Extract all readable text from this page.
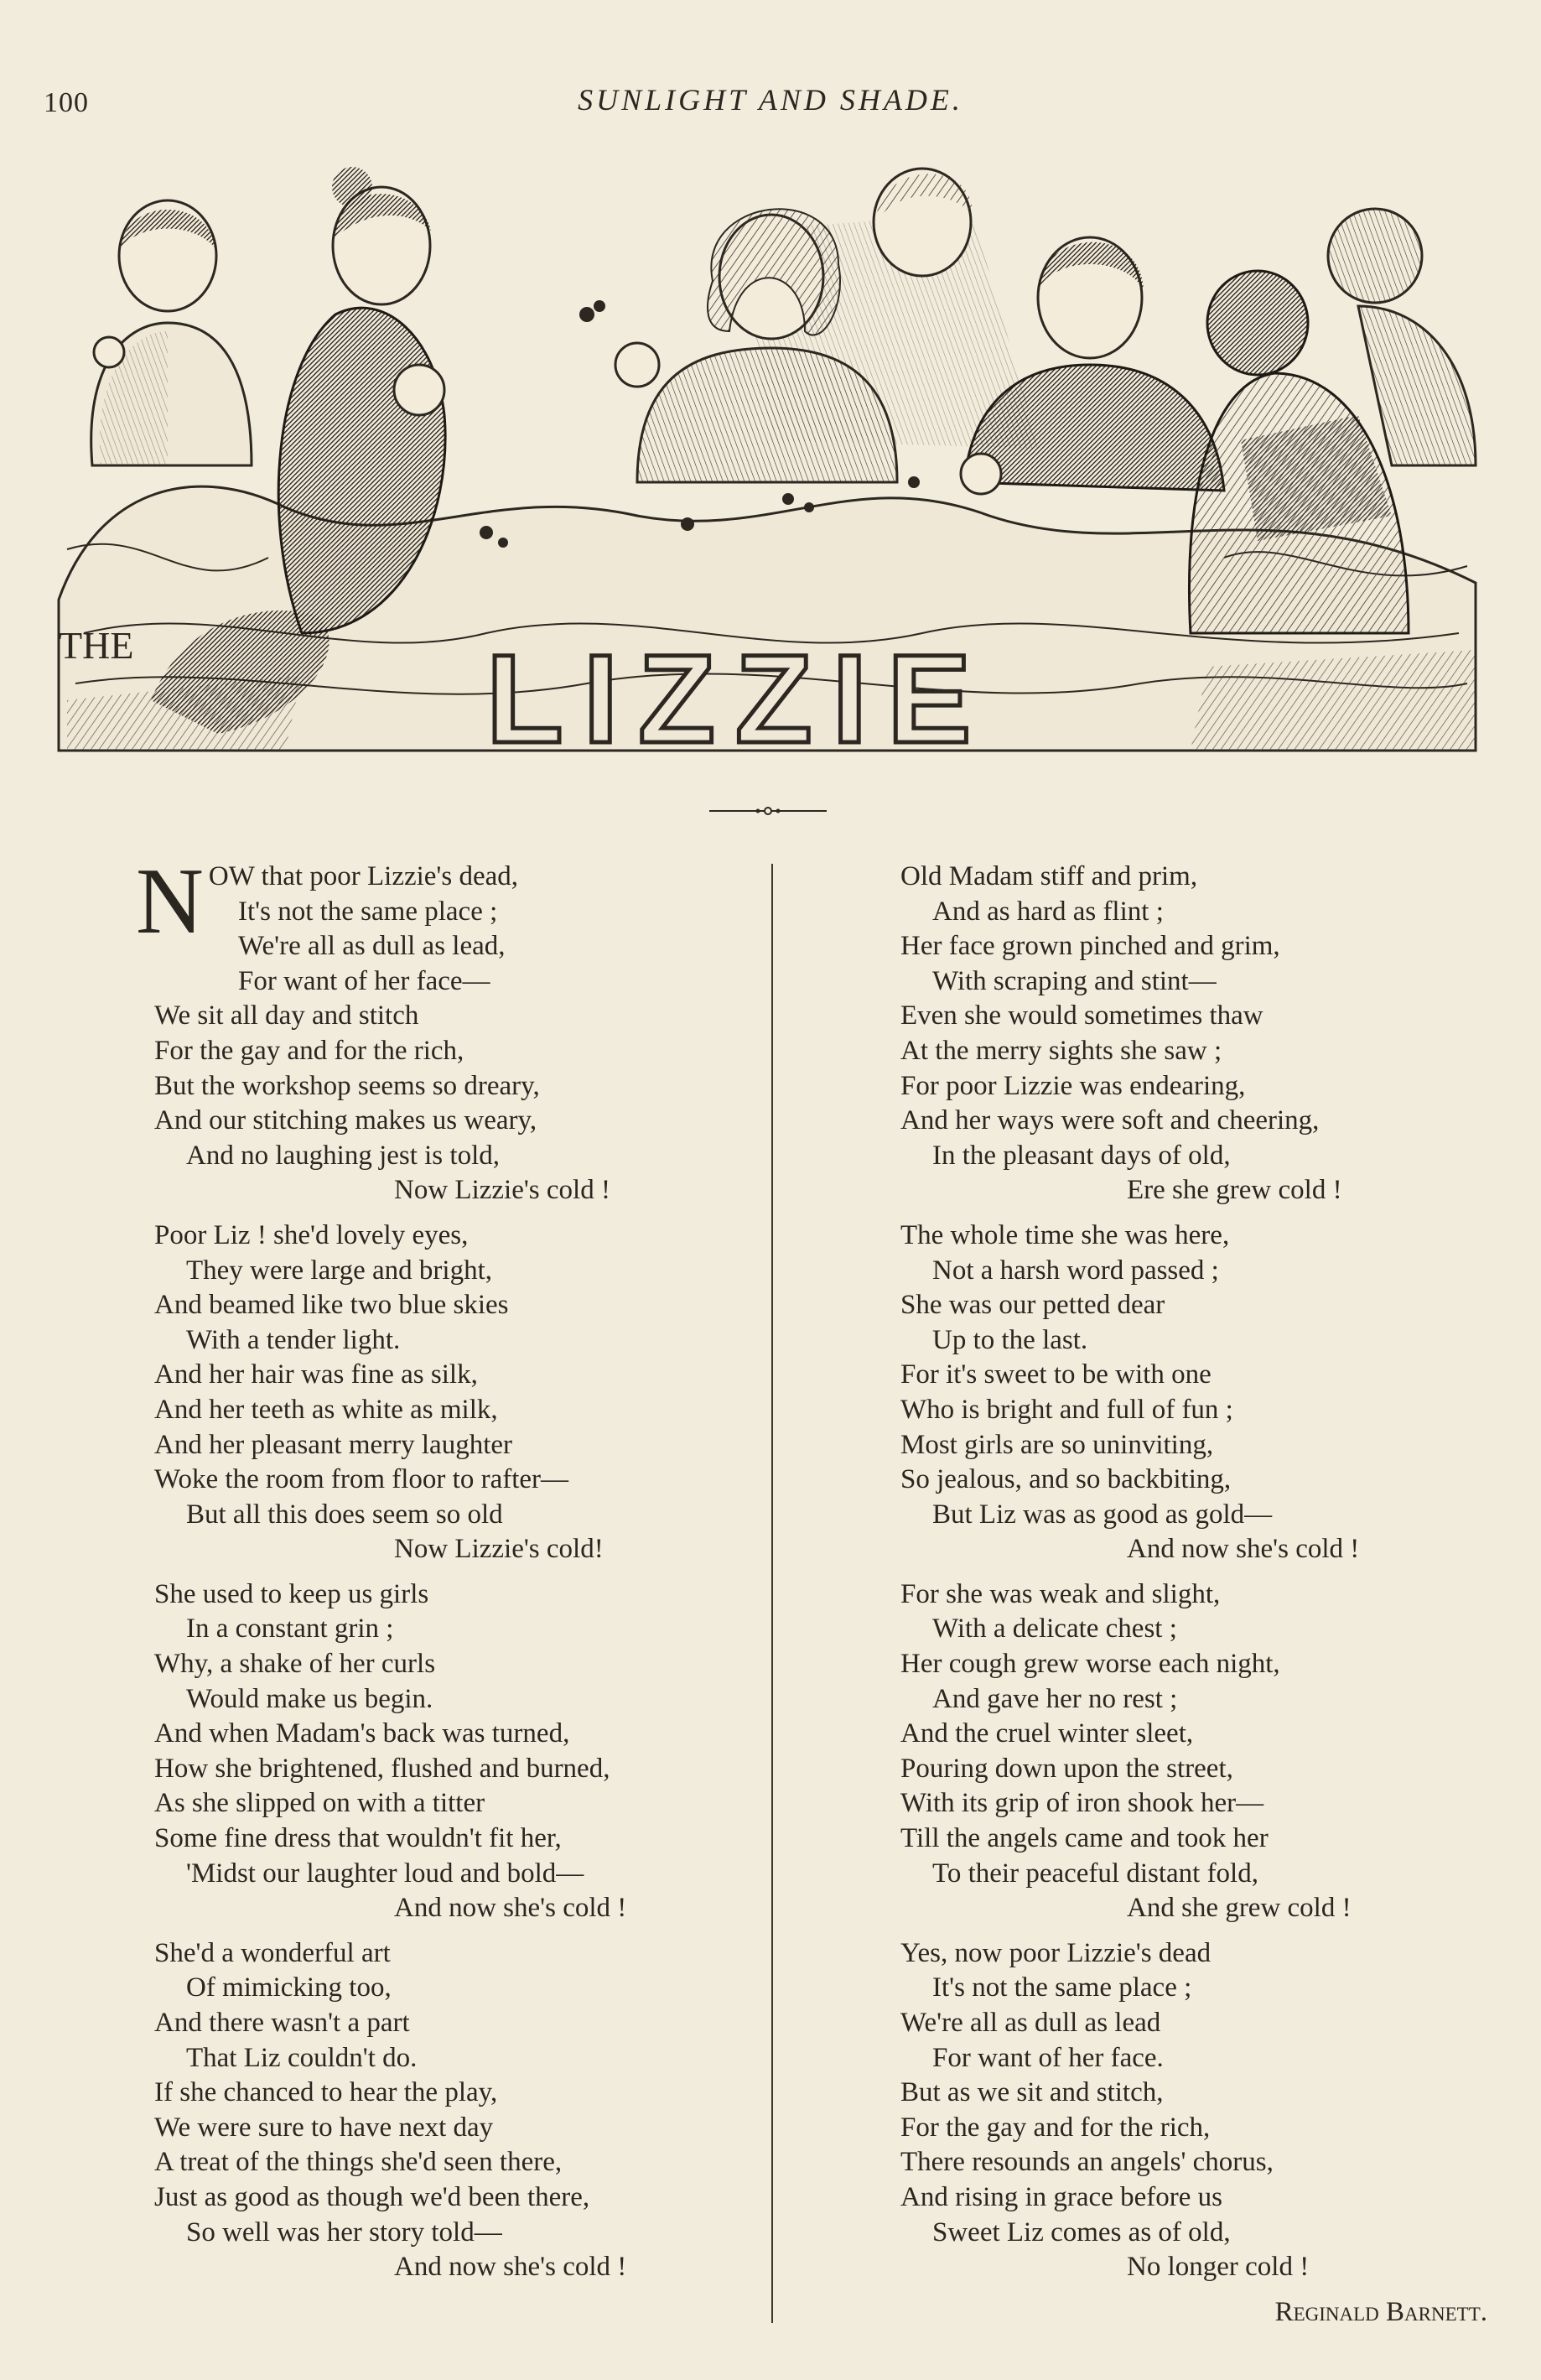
100	SUNLIGHT AND SHADE.
LIZZIE
THE
NOW that poor Lizzie's dead,
It's not the same place ;
We're all as dull as lead,
For want of her face—
We sit all day and stitch
For the gay and for the rich,
But the workshop seems so dreary,
And our stitching makes us weary,
And no laughing jest is told,
Now Lizzie's cold !
Poor Liz ! she'd lovely eyes,
They were large and bright,
And beamed like two blue skies
With a tender light.
And her hair was fine as silk,
And her teeth as white as milk,
And her pleasant merry laughter
Woke the room from floor to rafter—
But all this does seem so old
Now Lizzie's cold!
She used to keep us girls
In a constant grin ;
Why, a shake of her curls
Would make us begin.
And when Madam's back was turned,
How she brightened, flushed and burned,
As she slipped on with a titter
Some fine dress that wouldn't fit her,
'Midst our laughter loud and bold—
And now she's cold !
She'd a wonderful art
Of mimicking too,
And there wasn't a part
That Liz couldn't do.
If she chanced to hear the play,
We were sure to have next day
A treat of the things she'd seen there,
Just as good as though we'd been there,
So well was her story told—
And now she's cold !
Old Madam stiff and prim,
And as hard as flint ;
Her face grown pinched and grim,
With scraping and stint—
Even she would sometimes thaw
At the merry sights she saw ;
For poor Lizzie was endearing,
And her ways were soft and cheering,
In the pleasant days of old,
Ere she grew cold !
The whole time she was here,
Not a harsh word passed ;
She was our petted dear
Up to the last.
For it's sweet to be with one
Who is bright and full of fun ;
Most girls are so uninviting,
So jealous, and so backbiting,
But Liz was as good as gold—
And now she's cold !
For she was weak and slight,
With a delicate chest ;
Her cough grew worse each night,
And gave her no rest ;
And the cruel winter sleet,
Pouring down upon the street,
With its grip of iron shook her—
Till the angels came and took her
To their peaceful distant fold,
And she grew cold !
Yes, now poor Lizzie's dead
It's not the same place ;
We're all as dull as lead
For want of her face.
But as we sit and stitch,
For the gay and for the rich,
There resounds an angels' chorus,
And rising in grace before us
Sweet Liz comes as of old,
No longer cold !
Reginald Barnett.
